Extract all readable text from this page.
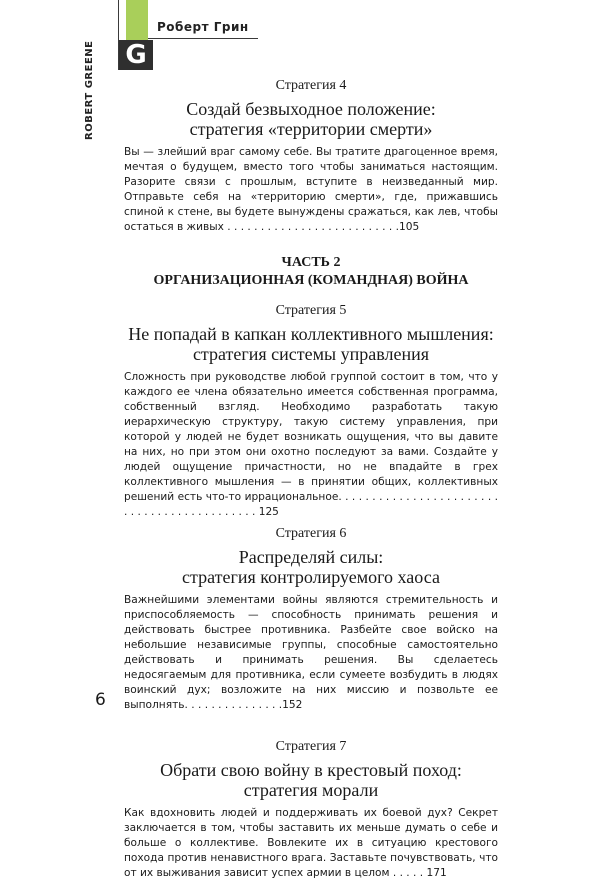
G
Роберт Грин
ROBERT GREENE	Стратегия 4
Создай безвыходное положение:
стратегия «территории смерти»

Вы — злейший враг самому себе. Вы тратите драгоценное время, мечтая о будущем, вместо того чтобы заниматься настоящим. Разорите связи с прошлым, вступите в неизведанный мир. Отправьте себя на «территорию смерти», где, прижавшись спиной к стене, вы будете вынуждены сражаться, как лев, чтобы остаться в живых . . . . . . . . . . . . . . . . . . . . . . . . . .105

ЧАСТЬ 2
ОРГАНИЗАЦИОННАЯ (КОМАНДНАЯ) ВОЙНА
Стратегия 5
Не попадай в капкан коллективного мышления:
стратегия системы управления

Сложность при руководстве любой группой состоит в том, что у каждого ее члена обязательно имеется собственная программа, собственный взгляд. Необходимо разработать такую иерархическую структуру, такую систему управления, при которой у людей не будет возникать ощущения, что вы давите на них, но при этом они охотно последуют за вами. Создайте у людей ощущение причастности, но не впадайте в грех коллективного мышления — в принятии общих, коллективных решений есть что-то иррациональное. . . . . . . . . . . . . . . . . . . . . . . . . . . . . . . . . . . . . . . . . . . . 125

Стратегия 6
Распределяй силы:
стратегия контролируемого хаоса

Важнейшими элементами войны являются стремительность и приспособляемость — способность принимать решения и действовать быстрее противника. Разбейте свое войско на небольшие независимые группы, способные самостоятельно действовать и принимать решения. Вы сделаетесь недосягаемым для противника, если сумеете возбудить в людях воинский дух; возложите на них миссию и позвольте ее выполнять. . . . . . . . . . . . . . .152

Стратегия 7
Обрати свою войну в крестовый поход: стратегия морали

Как вдохновить людей и поддерживать их боевой дух? Секрет заключается в том, чтобы заставить их меньше думать о себе и больше о коллективе. Вовлеките их в ситуацию крестового похода против ненавистного врага. Заставьте почувствовать, что от их выживания зависит успех армии в целом . . . . . 171

6
